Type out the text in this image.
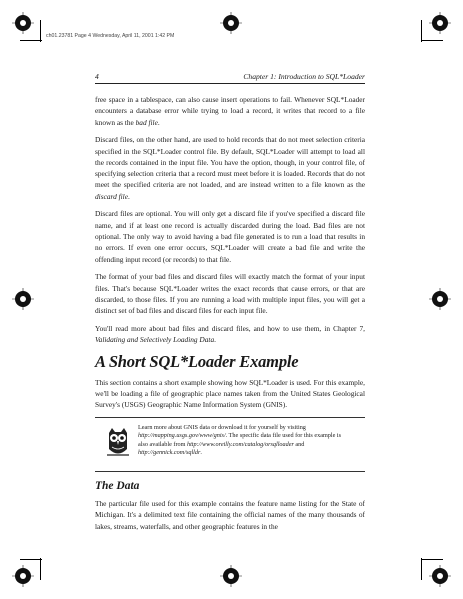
ch01.23781 Page 4 Wednesday, April 11, 2001 1:42 PM
4	Chapter 1: Introduction to SQL*Loader

free space in a tablespace, can also cause insert operations to fail. Whenever SQL*Loader encounters a database error while trying to load a record, it writes that record to a file known as the bad file.

Discard files, on the other hand, are used to hold records that do not meet selection criteria specified in the SQL*Loader control file. By default, SQL*Loader will attempt to load all the records contained in the input file. You have the option, though, in your control file, of specifying selection criteria that a record must meet before it is loaded. Records that do not meet the specified criteria are not loaded, and are instead written to a file known as the discard file.

Discard files are optional. You will only get a discard file if you've specified a discard file name, and if at least one record is actually discarded during the load. Bad files are not optional. The only way to avoid having a bad file generated is to run a load that results in no errors. If even one error occurs, SQL*Loader will create a bad file and write the offending input record (or records) to that file.

The format of your bad files and discard files will exactly match the format of your input files. That's because SQL*Loader writes the exact records that cause errors, or that are discarded, to those files. If you are running a load with multiple input files, you will get a distinct set of bad files and discard files for each input file.

You'll read more about bad files and discard files, and how to use them, in Chapter 7, Validating and Selectively Loading Data.

A Short SQL*Loader Example

This section contains a short example showing how SQL*Loader is used. For this example, we'll be loading a file of geographic place names taken from the United States Geological Survey's (USGS) Geographic Name Information System (GNIS).

Learn more about GNIS data or download it for yourself by visiting http://mapping.usgs.gov/www/gnis/. The specific data file used for this example is also available from http://www.oreilly.com/catalog/orsqlloader and http://gennick.com/sqlldr.
The Data

The particular file used for this example contains the feature name listing for the State of Michigan. It's a delimited text file containing the official names of the many thousands of lakes, streams, waterfalls, and other geographic features in the
